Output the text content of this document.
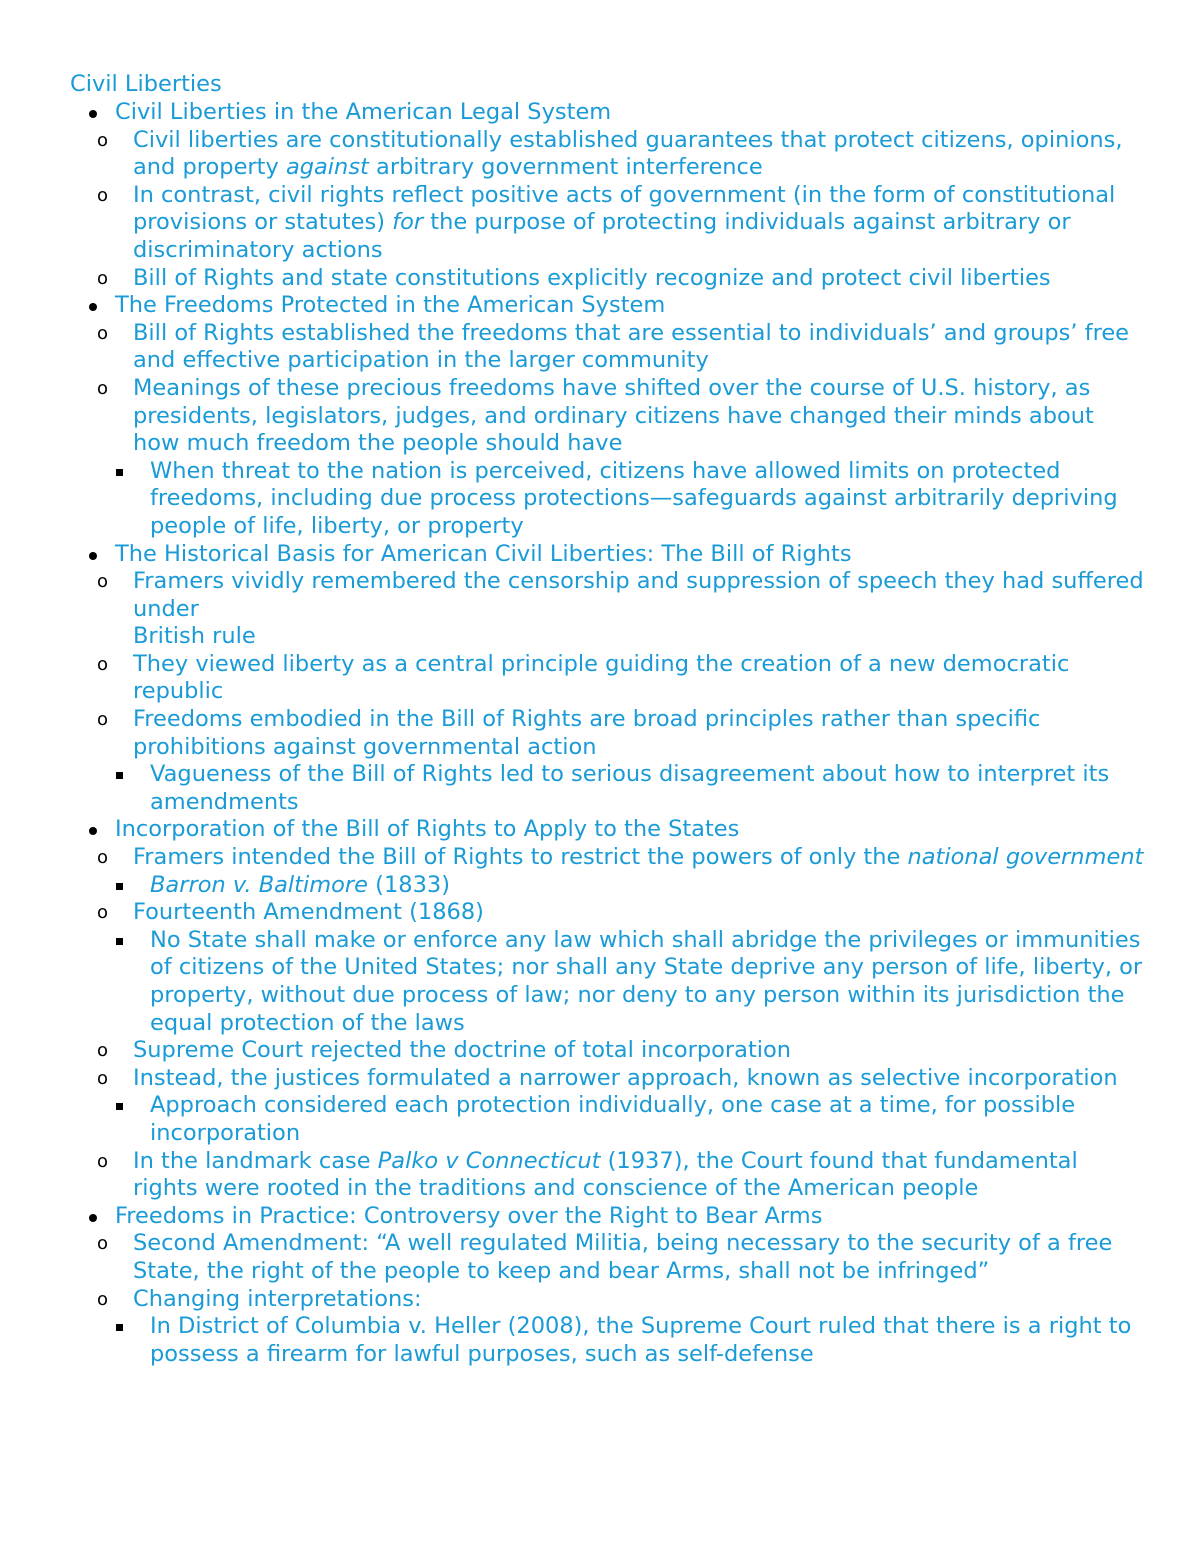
Civil Liberties
Civil Liberties in the American Legal System
o Civil liberties are constitutionally established guarantees that protect citizens, opinions, and property against arbitrary government interference
o In contrast, civil rights reflect positive acts of government (in the form of constitutional provisions or statutes) for the purpose of protecting individuals against arbitrary or discriminatory actions
o Bill of Rights and state constitutions explicitly recognize and protect civil liberties
The Freedoms Protected in the American System
o Bill of Rights established the freedoms that are essential to individuals’ and groups’ free and effective participation in the larger community
o Meanings of these precious freedoms have shifted over the course of U.S. history, as presidents, legislators, judges, and ordinary citizens have changed their minds about how much freedom the people should have
When threat to the nation is perceived, citizens have allowed limits on protected freedoms, including due process protections—safeguards against arbitrarily depriving people of life, liberty, or property
The Historical Basis for American Civil Liberties: The Bill of Rights
o Framers vividly remembered the censorship and suppression of speech they had suffered under
British rule
o They viewed liberty as a central principle guiding the creation of a new democratic republic
o Freedoms embodied in the Bill of Rights are broad principles rather than specific prohibitions against governmental action
Vagueness of the Bill of Rights led to serious disagreement about how to interpret its amendments
Incorporation of the Bill of Rights to Apply to the States
o Framers intended the Bill of Rights to restrict the powers of only the national government
Barron v. Baltimore (1833)
o Fourteenth Amendment (1868)
No State shall make or enforce any law which shall abridge the privileges or immunities of citizens of the United States; nor shall any State deprive any person of life, liberty, or property, without due process of law; nor deny to any person within its jurisdiction the equal protection of the laws
o Supreme Court rejected the doctrine of total incorporation
o Instead, the justices formulated a narrower approach, known as selective incorporation
Approach considered each protection individually, one case at a time, for possible incorporation
o In the landmark case Palko v Connecticut (1937), the Court found that fundamental rights were rooted in the traditions and conscience of the American people
Freedoms in Practice: Controversy over the Right to Bear Arms
o Second Amendment: “A well regulated Militia, being necessary to the security of a free State, the right of the people to keep and bear Arms, shall not be infringed”
o Changing interpretations:
In District of Columbia v. Heller (2008), the Supreme Court ruled that there is a right to possess a firearm for lawful purposes, such as self-defense
